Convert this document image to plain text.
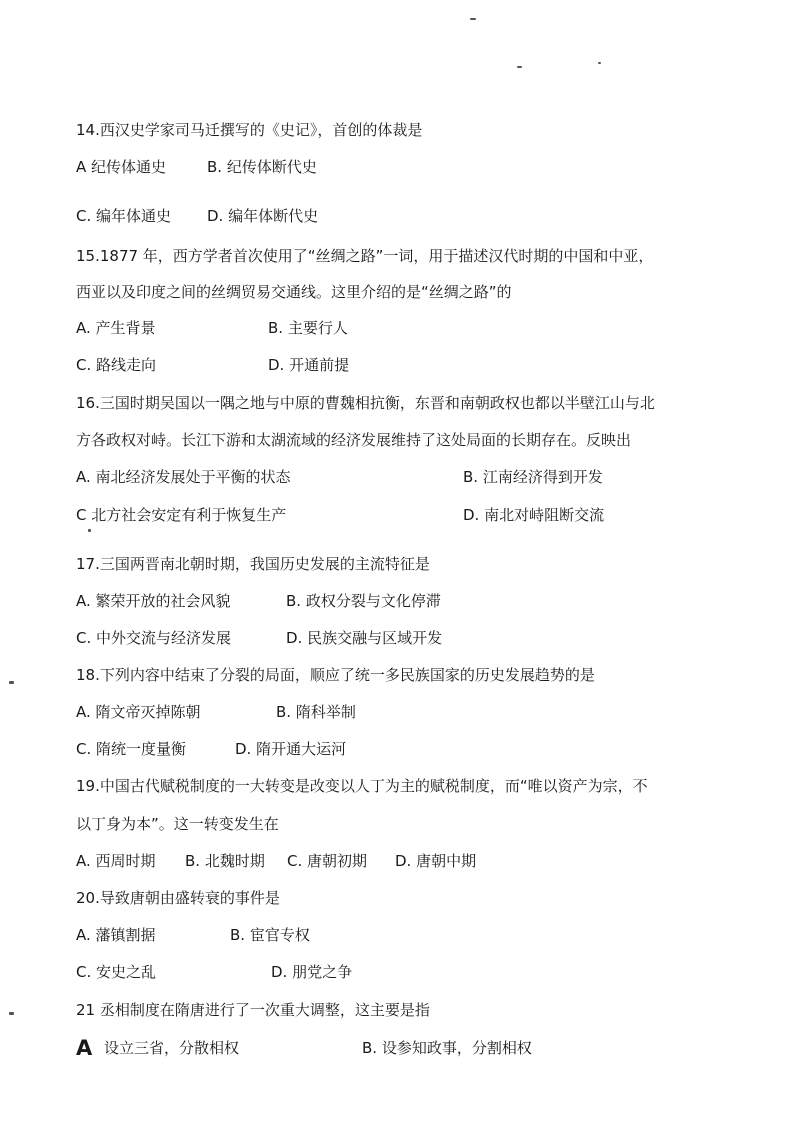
14.西汉史学家司马迁撰写的《史记》，首创的体裁是
A 纪传体通史	B. 纪传体断代史
C. 编年体通史 D. 编年体断代史
15.1877 年，西方学者首次使用了“丝绸之路”一词，用于描述汉代时期的中国和中亚，
西亚以及印度之间的丝绸贸易交通线。这里介绍的是“丝绸之路”的
A. 产生背景	B. 主要行人
C. 路线走向	D. 开通前提
16.三国时期吴国以一隅之地与中原的曹魏相抗衡，东晋和南朝政权也都以半壁江山与北
方各政权对峙。长江下游和太湖流域的经济发展维持了这处局面的长期存在。反映出
A. 南北经济发展处于平衡的状态	B. 江南经济得到开发
C 北方社会安定有利于恢复生产	D. 南北对峙阻断交流
17.三国两晋南北朝时期，我国历史发展的主流特征是
A. 繁荣开放的社会风貌	B. 政权分裂与文化停滞
C. 中外交流与经济发展	D. 民族交融与区域开发
18.下列内容中结束了分裂的局面，顺应了统一多民族国家的历史发展趋势的是
A. 隋文帝灭掉陈朝	B. 隋科举制
C. 隋统一度量衡	D. 隋开通大运河
19.中国古代赋税制度的一大转变是改变以人丁为主的赋税制度，而“唯以资产为宗，不
以丁身为本”。这一转变发生在
A. 西周时期 B. 北魏时期 C. 唐朝初期 D. 唐朝中期
20.导致唐朝由盛转衰的事件是
A. 藩镇割据	B. 宦官专权
C. 安史之乱	D. 朋党之争
21 丞相制度在隋唐进行了一次重大调整，这主要是指
A 设立三省，分散相权	B. 设参知政事，分割相权
